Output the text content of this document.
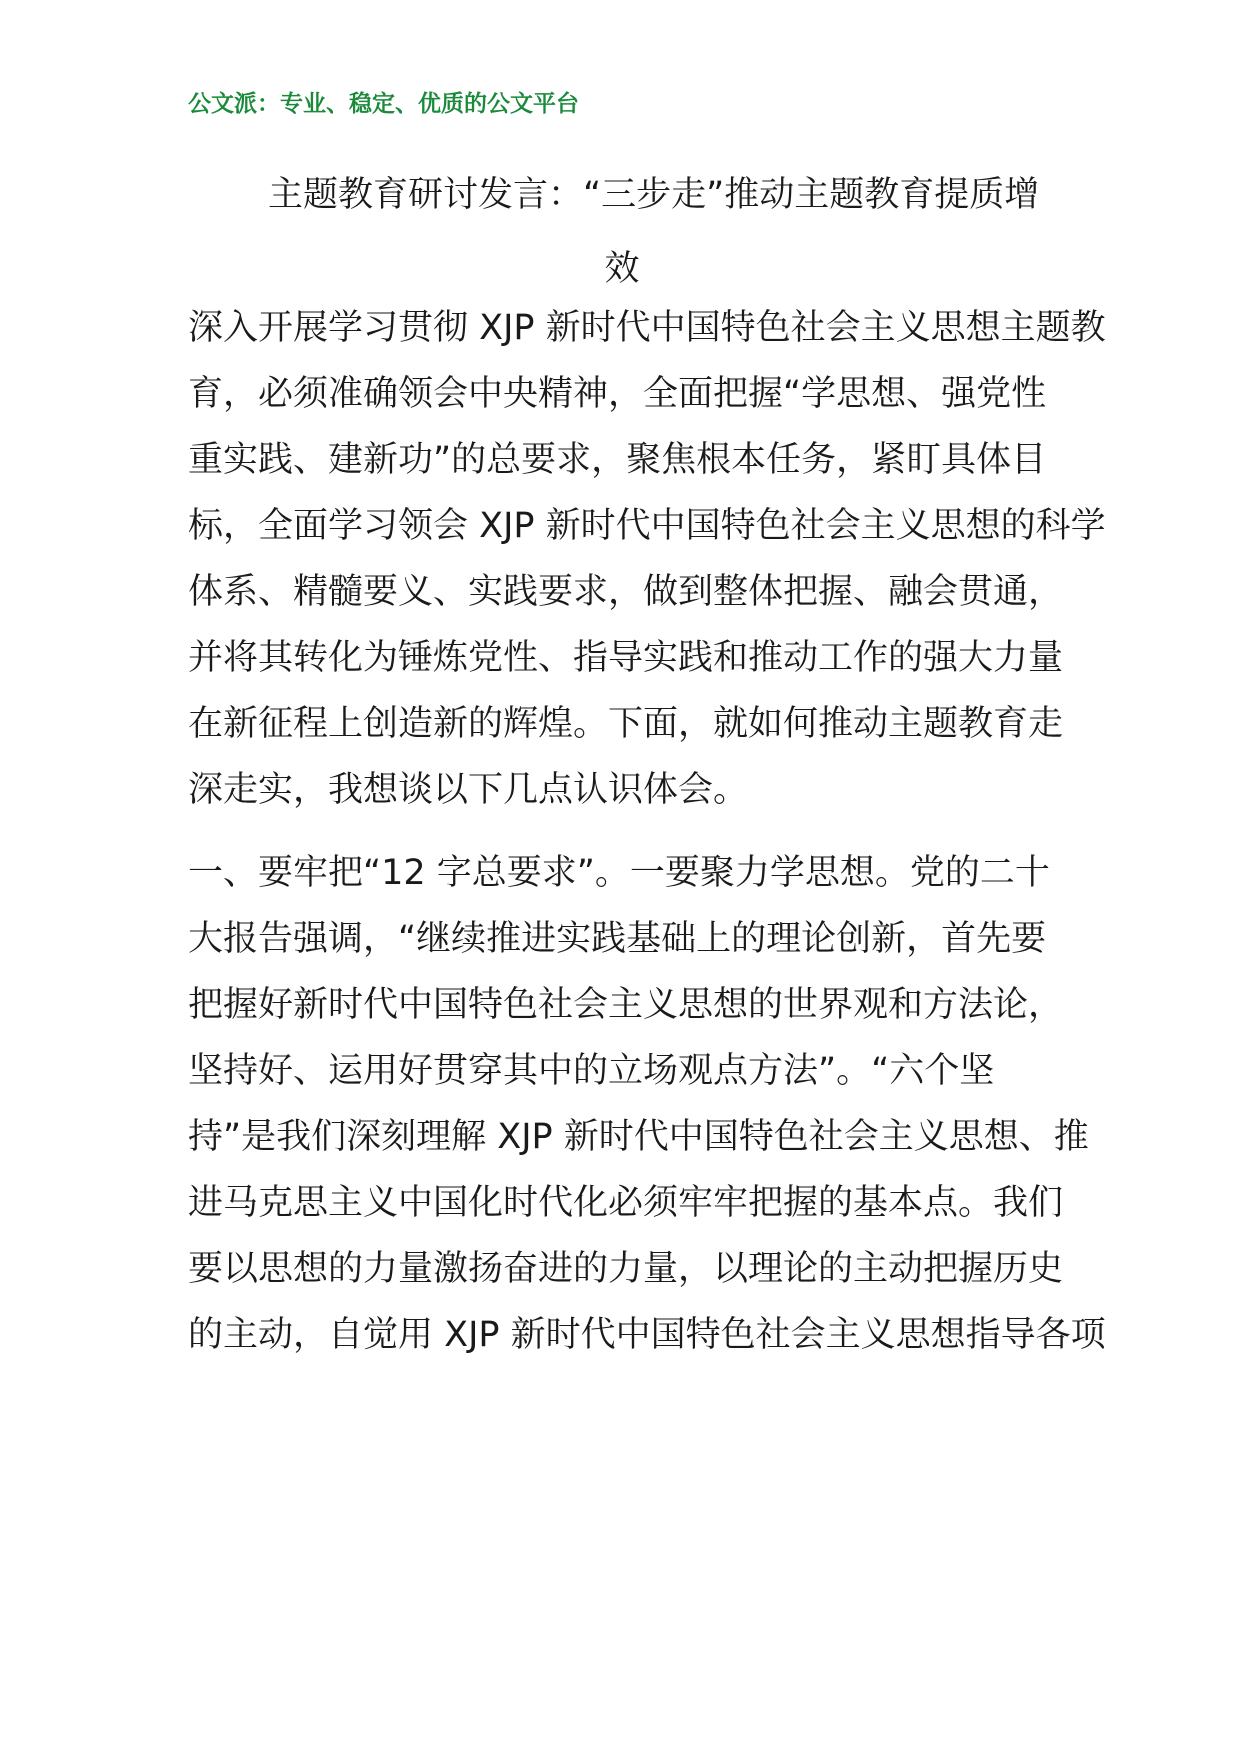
公文派：专业、稳定、优质的公文平台
主题教育研讨发言：“三步走”推动主题教育提质增
效
深入开展学习贯彻 XJP 新时代中国特色社会主义思想主题教
育，必须准确领会中央精神，全面把握“学思想、强党性
重实践、建新功”的总要求，聚焦根本任务，紧盯具体目
标，全面学习领会 XJP 新时代中国特色社会主义思想的科学
体系、精髓要义、实践要求，做到整体把握、融会贯通，
并将其转化为锤炼党性、指导实践和推动工作的强大力量
在新征程上创造新的辉煌。下面，就如何推动主题教育走
深走实，我想谈以下几点认识体会。
一、要牢把“12 字总要求”。一要聚力学思想。党的二十
大报告强调，“继续推进实践基础上的理论创新，首先要
把握好新时代中国特色社会主义思想的世界观和方法论，
坚持好、运用好贯穿其中的立场观点方法”。“六个坚
持”是我们深刻理解 XJP 新时代中国特色社会主义思想、推
进马克思主义中国化时代化必须牢牢把握的基本点。我们
要以思想的力量激扬奋进的力量，以理论的主动把握历史
的主动，自觉用 XJP 新时代中国特色社会主义思想指导各项
